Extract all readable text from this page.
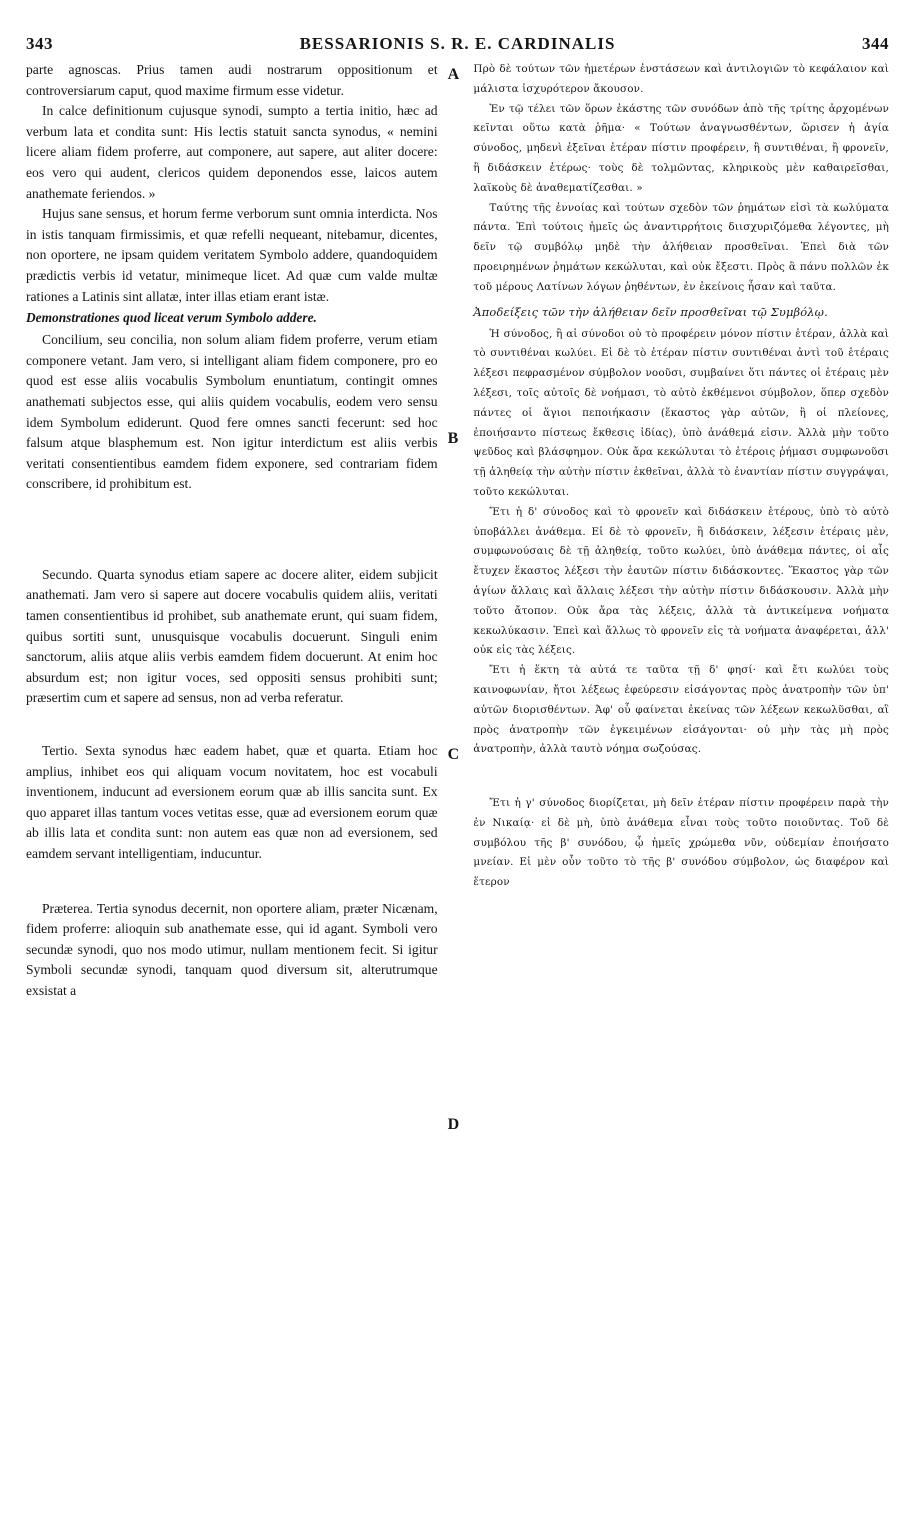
343	BESSARIONIS S. R. E. CARDINALIS	344

parte agnoscas. Prius tamen audi nostrarum oppositionum et controversiarum caput, quod maxime firmum esse videtur.

In calce definitionum cujusque synodi, sumpto a tertia initio, hæc ad verbum lata et condita sunt: His lectis statuit sancta synodus, « nemini licere aliam fidem proferre, aut componere, aut sapere, aut aliter docere: eos vero qui audent, clericos quidem deponendos esse, laicos autem anathemate feriendos. »

Hujus sane sensus, et horum ferme verborum sunt omnia interdicta. Nos in istis tanquam firmissimis, et quæ refelli nequeant, nitebamur, dicentes, non oportere, ne ipsam quidem veritatem Symbolo addere, quandoquidem prædictis verbis id vetatur, minimeque licet. Ad quæ cum valde multæ rationes a Latinis sint allatæ, inter illas etiam erant istæ.

Demonstrationes quod liceat verum Symbolo addere.

Concilium, seu concilia, non solum aliam fidem proferre, verum etiam componere vetant. Jam vero, si intelligant aliam fidem componere, pro eo quod est esse aliis vocabulis Symbolum enuntiatum, contingit omnes anathemati subjectos esse, qui aliis quidem vocabulis, eodem vero sensu idem Symbolum ediderunt. Quod fere omnes sancti fecerunt: sed hoc falsum atque blasphemum est. Non igitur interdictum est aliis verbis veritati consentientibus eamdem fidem exponere, sed contrariam fidem conscribere, id prohibitum est.

Secundo. Quarta synodus etiam sapere ac docere aliter, eidem subjicit anathemati. Jam vero si sapere aut docere vocabulis quidem aliis, veritati tamen consentientibus id prohibet, sub anathemate erunt, qui suam fidem, quibus sortiti sunt, unusquisque vocabulis docuerunt. Singuli enim sanctorum, aliis atque aliis verbis eamdem fidem docuerunt. At enim hoc absurdum est; non igitur voces, sed oppositi sensus prohibiti sunt; præsertim cum et sapere ad sensus, non ad verba referatur.

Tertio. Sexta synodus hæc eadem habet, quæ et quarta. Etiam hoc amplius, inhibet eos qui aliquam vocum novitatem, hoc est vocabuli inventionem, inducunt ad eversionem eorum quæ ab illis sancita sunt. Ex quo apparet illas tantum voces vetitas esse, quæ ad eversionem eorum quæ ab illis lata et condita sunt: non autem eas quæ non ad eversionem, sed eamdem servant intelligentiam, inducuntur.

Præterea. Tertia synodus decernit, non oportere aliam, præter Nicænam, fidem proferre: alioquin sub anathemate esse, qui id agant. Symboli vero secundæ synodi, quo nos modo utimur, nullam mentionem fecit. Si igitur Symboli secundæ synodi, tanquam quod diversum sit, alterutrumque exsistat a

A
B
C
D

Πρὸ δὲ τούτων τῶν ἡμετέρων ἐνστάσεων καὶ ἀντιλογιῶν τὸ κεφάλαιον καὶ μάλιστα ἰσχυρότερον ἄκουσον.

Ἐν τῷ τέλει τῶν ὅρων ἑκάστης τῶν συνόδων ἀπὸ τῆς τρίτης ἀρχομένων κεῖνται οὕτω κατὰ ῥῆμα· « Τούτων ἀναγνωσθέντων, ὥρισεν ἡ ἁγία σύνοδος, μηδενὶ ἐξεῖναι ἑτέραν πίστιν προφέρειν, ἢ συντιθέναι, ἢ φρονεῖν, ἢ διδάσκειν ἑτέρως· τοὺς δὲ τολμῶντας, κληρικοὺς μὲν καθαιρεῖσθαι, λαϊκοὺς δὲ ἀναθεματίζεσθαι. »

Ταύτης τῆς ἐννοίας καὶ τούτων σχεδὸν τῶν ῥημάτων εἰσὶ τὰ κωλύματα πάντα. Ἐπὶ τούτοις ἡμεῖς ὡς ἀναντιρρήτοις διισχυριζόμεθα λέγοντες, μὴ δεῖν τῷ συμβόλῳ μηδὲ τὴν ἀλήθειαν προσθεῖναι. Ἐπεὶ διὰ τῶν προειρημένων ῥημάτων κεκώλυται, καὶ οὐκ ἔξεστι. Πρὸς ἃ πάνυ πολλῶν ἐκ τοῦ μέρους Λατίνων λόγων ῥηθέντων, ἐν ἐκείνοις ἦσαν καὶ ταῦτα.

Ἀποδείξεις τῶν τὴν ἀλήθειαν δεῖν προσθεῖναι τῷ Συμβόλῳ.

Ἡ σύνοδος, ἢ αἱ σύνοδοι οὐ τὸ προφέρειν μόνον πίστιν ἑτέραν, ἀλλὰ καὶ τὸ συντιθέναι κωλύει. Εἰ δὲ τὸ ἑτέραν πίστιν συντιθέναι ἀντὶ τοῦ ἑτέραις λέξεσι πεφρασμένον σύμβολον νοοῦσι, συμβαίνει ὅτι πάντες οἱ ἑτέραις μὲν λέξεσι, τοῖς αὐτοῖς δὲ νοήμασι, τὸ αὐτὸ ἐκθέμενοι σύμβολον, ὅπερ σχεδὸν πάντες οἱ ἅγιοι πεποιήκασιν (ἕκαστος γὰρ αὐτῶν, ἢ οἱ πλείονες, ἐποιήσαντο πίστεως ἔκθεσις ἰδίας), ὑπὸ ἀνάθεμά εἰσιν. Ἀλλὰ μὴν τοῦτο ψεῦδος καὶ βλάσφημον. Οὐκ ἄρα κεκώλυται τὸ ἑτέροις ῥήμασι συμφωνοῦσι τῇ ἀληθείᾳ τὴν αὐτὴν πίστιν ἐκθεῖναι, ἀλλὰ τὸ ἐναντίαν πίστιν συγγράψαι, τοῦτο κεκώλυται.

Ἔτι ἡ δ' σύνοδος καὶ τὸ φρονεῖν καὶ διδάσκειν ἑτέρους, ὑπὸ τὸ αὐτὸ ὑποβάλλει ἀνάθεμα. Εἰ δὲ τὸ φρονεῖν, ἢ διδάσκειν, λέξεσιν ἑτέραις μὲν, συμφωνούσαις δὲ τῇ ἀληθείᾳ, τοῦτο κωλύει, ὑπὸ ἀνάθεμα πάντες, οἱ αἷς ἔτυχεν ἕκαστος λέξεσι τὴν ἑαυτῶν πίστιν διδάσκοντες. Ἕκαστος γὰρ τῶν ἁγίων ἄλλαις καὶ ἄλλαις λέξεσι τὴν αὐτὴν πίστιν διδάσκουσιν. Ἀλλὰ μὴν τοῦτο ἄτοπον. Οὐκ ἄρα τὰς λέξεις, ἀλλὰ τὰ ἀντικείμενα νοήματα κεκωλύκασιν. Ἐπεὶ καὶ ἄλλως τὸ φρονεῖν εἰς τὰ νοήματα ἀναφέρεται, ἀλλ' οὐκ εἰς τὰς λέξεις.

Ἔτι ἡ ἕκτη τὰ αὐτά τε ταῦτα τῇ δ' φησί· καὶ ἔτι κωλύει τοὺς καινοφωνίαν, ἤτοι λέξεως ἐφεύρεσιν εἰσάγοντας πρὸς ἀνατροπὴν τῶν ὑπ' αὐτῶν διορισθέντων. Ἀφ' οὗ φαίνεται ἐκείνας τῶν λέξεων κεκωλῦσθαι, αἳ πρὸς ἀνατροπὴν τῶν ἐγκειμένων εἰσάγονται· οὐ μὴν τὰς μὴ πρὸς ἀνατροπὴν, ἀλλὰ ταυτὸ νόημα σωζούσας.

Ἔτι ἡ γ' σύνοδος διορίζεται, μὴ δεῖν ἑτέραν πίστιν προφέρειν παρὰ τὴν ἐν Νικαίᾳ· εἰ δὲ μὴ, ὑπὸ ἀνάθεμα εἶναι τοὺς τοῦτο ποιοῦντας. Τοῦ δὲ συμβόλου τῆς β' συνόδου, ᾧ ἡμεῖς χρώμεθα νῦν, οὐδεμίαν ἐποιήσατο μνείαν. Εἰ μὲν οὖν τοῦτο τὸ τῆς β' συνόδου σύμβολον, ὡς διαφέρον καὶ ἕτερον
